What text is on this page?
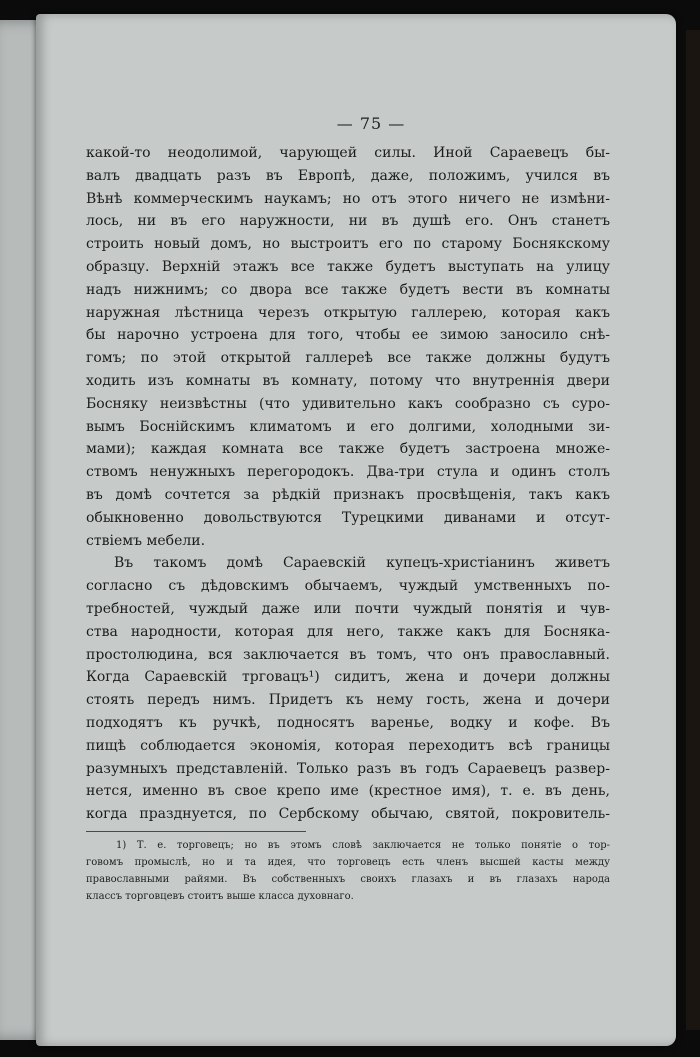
— 75 —
какой-то неодолимой, чарующей силы. Иной Сараевецъ бы-
валъ двадцать разъ въ Европѣ, даже, положимъ, учился въ
Вѣнѣ коммерческимъ наукамъ; но отъ этого ничего не измѣни-
лось, ни въ его наружности, ни въ душѣ его. Онъ станетъ
строить новый домъ, но выстроитъ его по старому Боснякскому
образцу. Верхній этажъ все также будетъ выступать на улицу
надъ нижнимъ; со двора все также будетъ вести въ комнаты
наружная лѣстница черезъ открытую галлерею, которая какъ
бы нарочно устроена для того, чтобы ее зимою заносило снѣ-
гомъ; по этой открытой галлереѣ все также должны будутъ
ходить изъ комнаты въ комнату, потому что внутреннія двери
Босняку неизвѣстны (что удивительно какъ сообразно съ суро-
вымъ Боснійскимъ климатомъ и его долгими, холодными зи-
мами); каждая комната все также будетъ застроена множе-
ствомъ ненужныхъ перегородокъ. Два-три стула и одинъ столъ
въ домѣ сочтется за рѣдкій признакъ просвѣщенія, такъ какъ
обыкновенно довольствуются Турецкими диванами и отсут-
ствіемъ мебели.
Въ такомъ домѣ Сараевскій купецъ-христіанинъ живетъ
согласно съ дѣдовскимъ обычаемъ, чуждый умственныхъ по-
требностей, чуждый даже или почти чуждый понятія и чув-
ства народности, которая для него, также какъ для Босняка-
простолюдина, вся заключается въ томъ, что онъ православный.
Когда Сараевскій трговацъ¹) сидитъ, жена и дочери должны
стоять передъ нимъ. Придетъ къ нему гость, жена и дочери
подходятъ къ ручкѣ, подносятъ варенье, водку и кофе. Въ
пищѣ соблюдается экономія, которая переходитъ всѣ границы
разумныхъ представленій. Только разъ въ годъ Сараевецъ развер-
нется, именно въ свое крепо име (крестное имя), т. е. въ день,
когда празднуется, по Сербскому обычаю, святой, покровитель-
1) Т. е. торговецъ; но въ этомъ словѣ заключается не только понятіе о тор-
говомъ промыслѣ, но и та идея, что торговецъ есть членъ высшей касты между
православными райями. Въ собственныхъ своихъ глазахъ и въ глазахъ народа
классъ торговцевъ стоитъ выше класса духовнаго.
